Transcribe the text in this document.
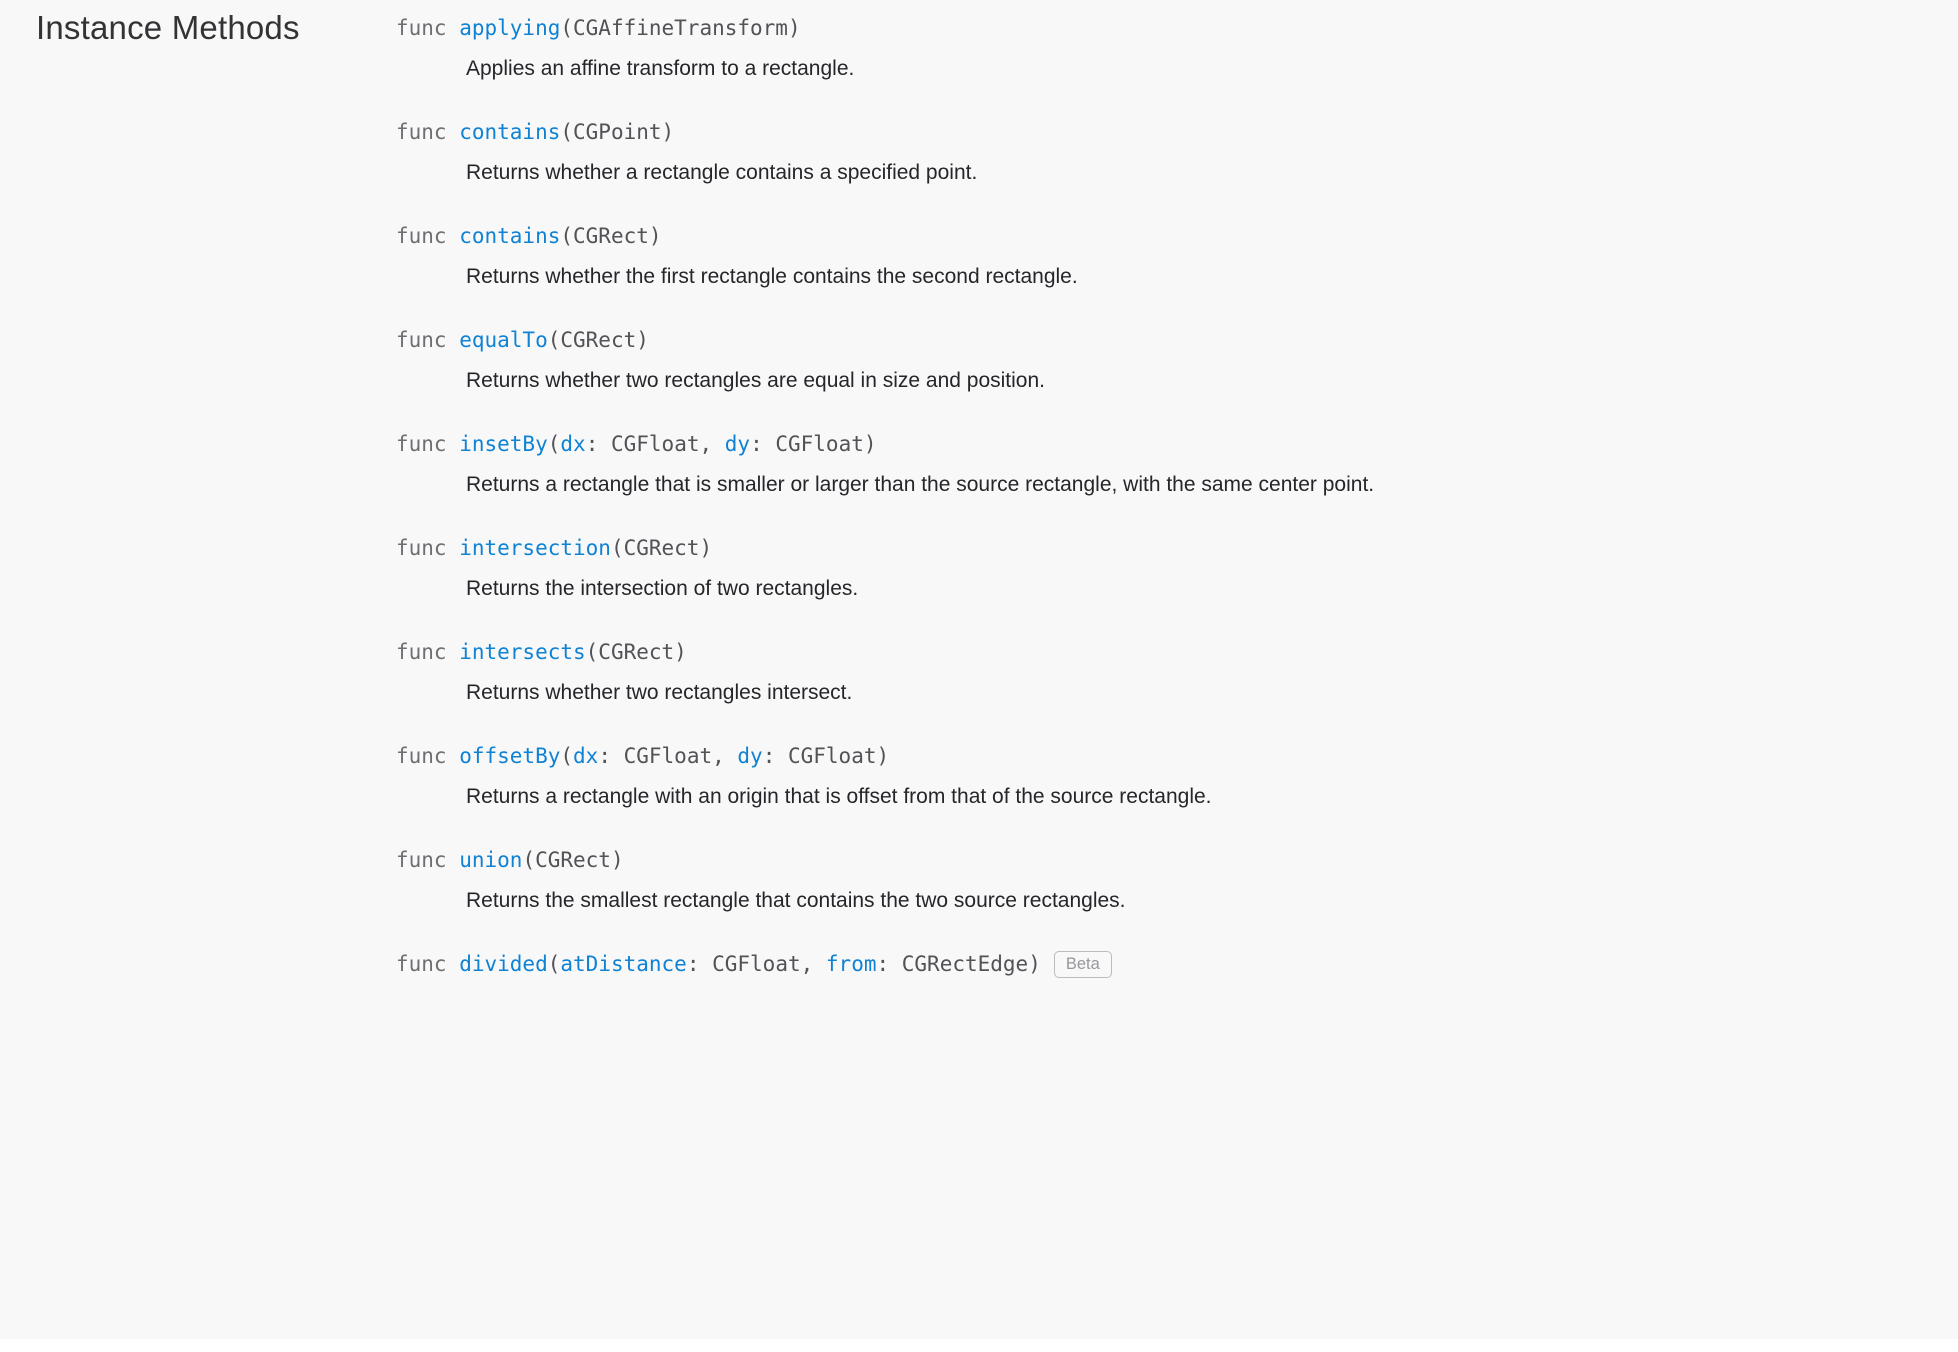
Instance Methods	func applying(CGAffineTransform)

Applies an affine transform to a rectangle.

func contains(CGPoint)

Returns whether a rectangle contains a specified point.

func contains(CGRect)

Returns whether the first rectangle contains the second rectangle.

func equalTo(CGRect)

Returns whether two rectangles are equal in size and position.

func insetBy(dx: CGFloat, dy: CGFloat)

Returns a rectangle that is smaller or larger than the source rectangle, with the same center point.

func intersection(CGRect)

Returns the intersection of two rectangles.

func intersects(CGRect)

Returns whether two rectangles intersect.

func offsetBy(dx: CGFloat, dy: CGFloat)

Returns a rectangle with an origin that is offset from that of the source rectangle.

func union(CGRect)

Returns the smallest rectangle that contains the two source rectangles.

func divided(atDistance: CGFloat, from: CGRectEdge) Beta
